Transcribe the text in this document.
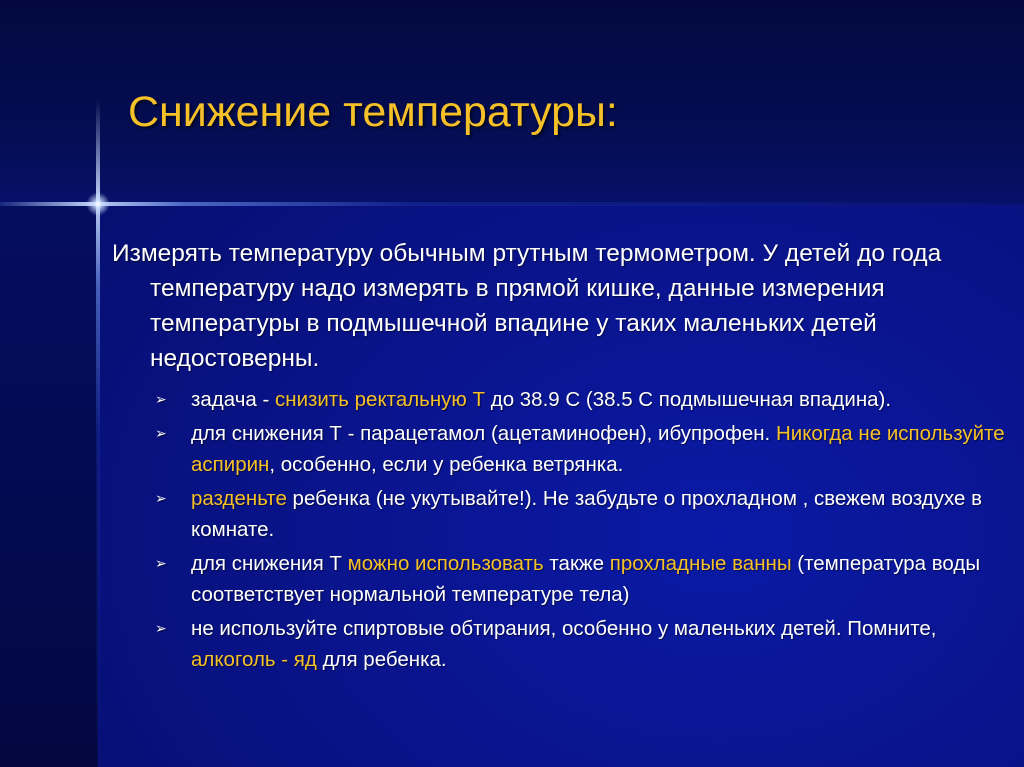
Снижение температуры:

Измерять температуру обычным ртутным термометром. У детей до года температуру надо измерять в прямой кишке, данные измерения температуры в подмышечной впадине у таких маленьких детей недостоверны.

➢ задача - снизить ректальную Т до 38.9 С (38.5 С подмышечная впадина).
➢ для снижения Т - парацетамол (ацетаминофен), ибупрофен. Никогда не используйте аспирин, особенно, если у ребенка ветрянка.
➢ разденьте ребенка (не укутывайте!). Не забудьте о прохладном , свежем воздухе в комнате.
➢ для снижения Т можно использовать также прохладные ванны (температура воды соответствует нормальной температуре тела)
➢ не используйте спиртовые обтирания, особенно у маленьких детей. Помните, алкоголь - яд для ребенка.
